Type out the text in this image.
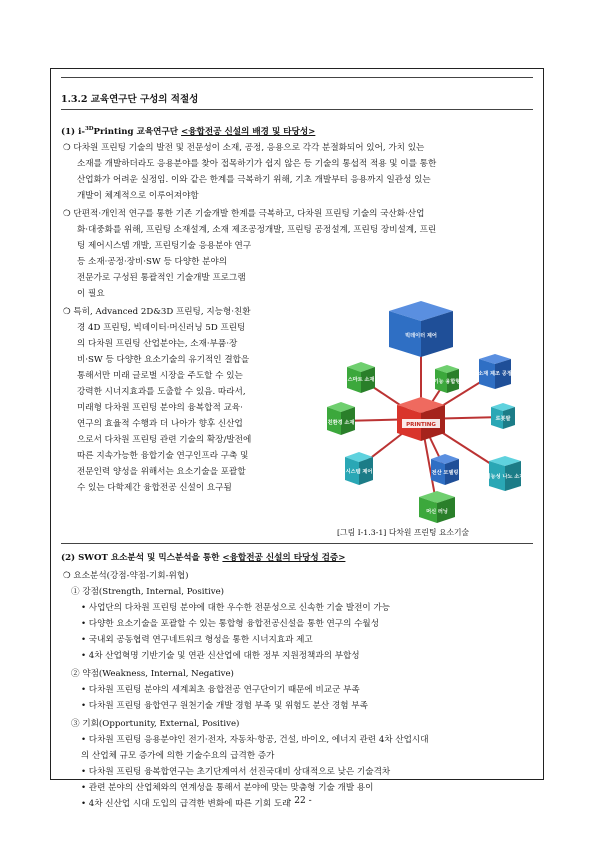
1.3.2 교육연구단 구성의 적절성
(1) i-$^{3D}$Printing 교육연구단 <융합전공 신설의 배경 및 타당성>
❍ 다차원 프린팅 기술의 발전 및 전문성이 소재, 공정, 응용으로 각각 분절화되어 있어, 가치 있는
소재를 개발하더라도 응용분야를 찾아 접목하기가 쉽지 않은 등 기술의 통섭적 적용 및 이를 통한
산업화가 어려운 실정임. 이와 같은 한계를 극복하기 위해, 기초 개발부터 응용까지 일관성 있는
개발이 체계적으로 이루어져야함
❍ 단편적·개인적 연구를 통한 기존 기술개발 한계를 극복하고, 다차원 프린팅 기술의 국산화·산업
화·대중화를 위해, 프린팅 소재설계, 소재 제조공정개발, 프린팅 공정설계, 프린팅 장비설계, 프린
팅 제어시스템 개발, 프린팅기술 응용분야 연구
등 소재·공정·장비·SW 등 다양한 분야의
전문가로 구성된 통괄적인 기술개발 프로그램
이 필요
❍ 특히, Advanced 2D&3D 프린팅, 지능형·친환
경 4D 프린팅, 빅데이터·머신러닝 5D 프린팅
의 다차원 프린팅 산업분야는, 소재·부품·장
비·SW 등 다양한 요소기술의 유기적인 결합을
통해서만 미래 글로벌 시장을 주도할 수 있는
강력한 시너지효과를 도출할 수 있음. 따라서,
미래형 다차원 프린팅 분야의 융복합적 교육·
연구의 효율적 수행과 더 나아가 향후 신산업
으로서 다차원 프린팅 관련 기술의 확장/발전에
따른 지속가능한 융합기술 연구인프라 구축 및
전문인력 양성을 위해서는 요소기술을 포괄할
수 있는 다학제간 융합전공 신설이 요구됨
빅데이터 제어
스마트 소재	기능 융합형
소재 제조 공정
친환경 소재
로봇팔
시스템 제어	전산 모델링
기능성 나노 소재
머신 러닝
PRINTING
[그림 Ⅰ-1.3-1] 다차원 프린팅 요소기술
(2) SWOT 요소분석 및 믹스분석을 통한 <융합전공 신설의 타당성 검증>
❍ 요소분석(강점-약점-기회-위협)
① 강점(Strength, Internal, Positive)
• 사업단의 다차원 프린팅 분야에 대한 우수한 전문성으로 신속한 기술 발전이 가능
• 다양한 요소기술을 포괄할 수 있는 통합형 융합전공신설을 통한 연구의 수월성
• 국내외 공동협력 연구네트워크 형성을 통한 시너지효과 제고
• 4차 산업혁명 기반기술 및 연관 신산업에 대한 정부 지원정책과의 부합성
② 약점(Weakness, Internal, Negative)
• 다차원 프린팅 분야의 세계최초 융합전공 연구단이기 때문에 비교군 부족
• 다차원 프린팅 융합연구 원천기술 개발 경험 부족 및 위험도 분산 경험 부족
③ 기회(Opportunity, External, Positive)
• 다차원 프린팅 응용분야인 전기·전자, 자동차·항공, 건설, 바이오, 에너지 관련 4차 산업시대
의 산업체 규모 증가에 의한 기술수요의 급격한 증가
• 다차원 프린팅 융복합연구는 초기단계여서 선진국대비 상대적으로 낮은 기술격차
• 관련 분야의 산업체와의 연계성을 통해서 분야에 맞는 맞춤형 기술 개발 용이
• 4차 신산업 시대 도입의 급격한 변화에 따른 기회 도래
- 22 -
